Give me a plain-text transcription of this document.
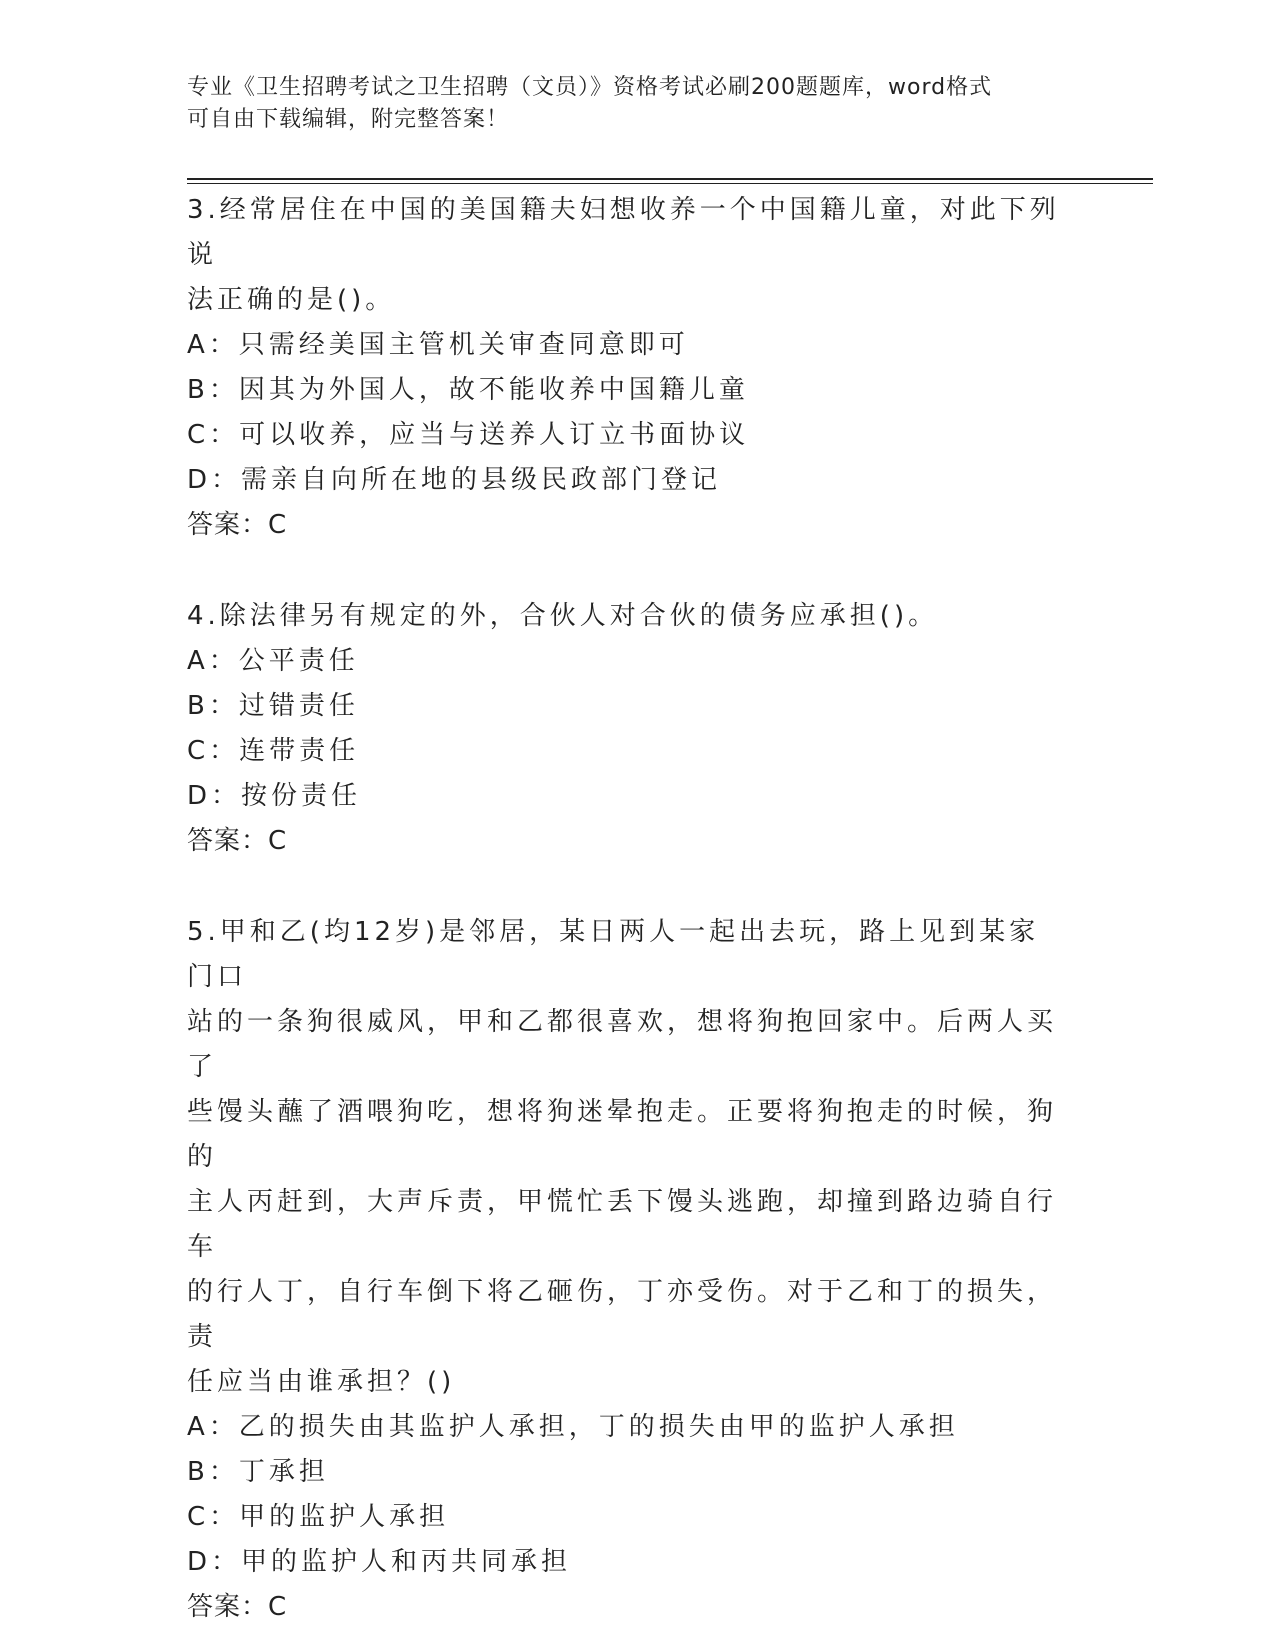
专业《卫生招聘考试之卫生招聘（文员）》资格考试必刷200题题库，word格式
可自由下载编辑，附完整答案！

3.经常居住在中国的美国籍夫妇想收养一个中国籍儿童，对此下列说

法正确的是()。

A：只需经美国主管机关审查同意即可

B：因其为外国人，故不能收养中国籍儿童

C：可以收养，应当与送养人订立书面协议

D：需亲自向所在地的县级民政部门登记

答案：C

4.除法律另有规定的外，合伙人对合伙的债务应承担()。

A：公平责任

B：过错责任

C：连带责任

D：按份责任

答案：C

5.甲和乙(均12岁)是邻居，某日两人一起出去玩，路上见到某家门口

站的一条狗很威风，甲和乙都很喜欢，想将狗抱回家中。后两人买了

些馒头蘸了酒喂狗吃，想将狗迷晕抱走。正要将狗抱走的时候，狗的

主人丙赶到，大声斥责，甲慌忙丢下馒头逃跑，却撞到路边骑自行车

的行人丁，自行车倒下将乙砸伤，丁亦受伤。对于乙和丁的损失，责

任应当由谁承担？()

A：乙的损失由其监护人承担，丁的损失由甲的监护人承担

B：丁承担

C：甲的监护人承担

D：甲的监护人和丙共同承担

答案：C
